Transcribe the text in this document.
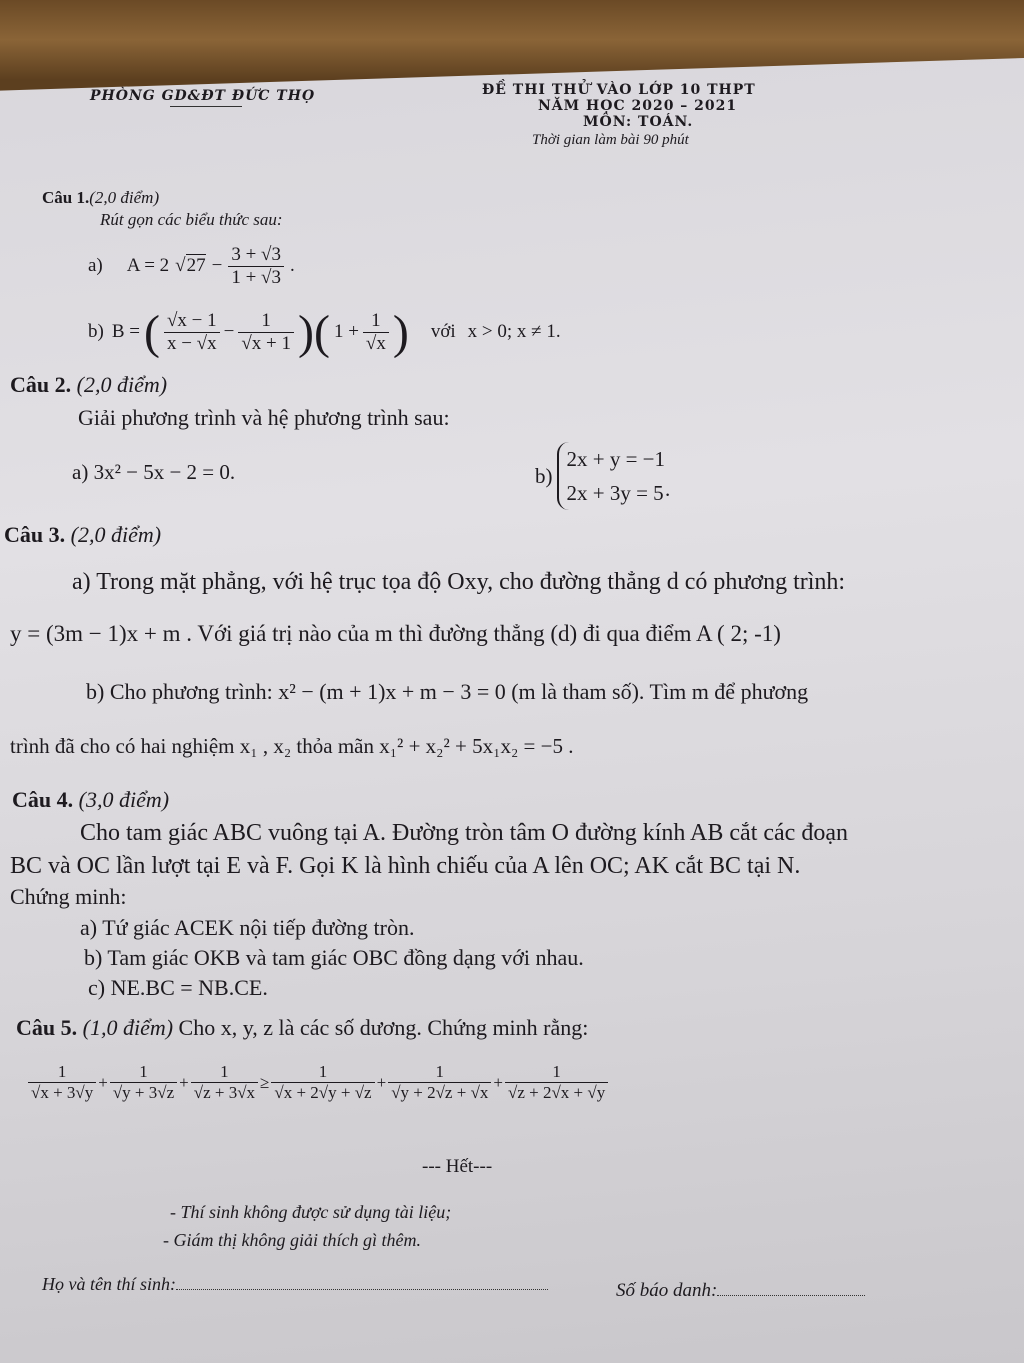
PHÒNG GD&ĐT ĐỨC THỌ	ĐỀ THI THỬ VÀO LỚP 10 THPT
NĂM HỌC 2020 – 2021
MÔN: TOÁN.
Thời gian làm bài 90 phút
Câu 1.(2,0 điểm)
Rút gọn các biểu thức sau:
a) A = 2 $√27 - \frac{3 + √3}{1 + √3}$ .
b) B = ( $\frac{√x - 1}{x - √x} - \frac{1}{√x + 1}$ )( $1 + \frac{1}{√x}$ ) với x > 0; x ≠ 1.
Câu 2. (2,0 điểm)
Giải phương trình và hệ phương trình sau:
a) 3x² − 5x − 2 = 0.	b)
2x + y = −1
2x + 3y = 5 .
Câu 3. (2,0 điểm)
a) Trong mặt phẳng, với hệ trục tọa độ Oxy, cho đường thẳng d có phương trình:
y = (3m − 1)x + m . Với giá trị nào của m thì đường thẳng (d) đi qua điểm A ( 2; -1)
b) Cho phương trình: x² − (m + 1)x + m − 3 = 0 (m là tham số). Tìm m để phương
trình đã cho có hai nghiệm x₁ , x₂ thỏa mãn x₁² + x₂² + 5x₁x₂ = −5 .
Câu 4. (3,0 điểm)
Cho tam giác ABC vuông tại A. Đường tròn tâm O đường kính AB cắt các đoạn
BC và OC lần lượt tại E và F. Gọi K là hình chiếu của A lên OC; AK cắt BC tại N.
Chứng minh:
a) Tứ giác ACEK nội tiếp đường tròn.
b) Tam giác OKB và tam giác OBC đồng dạng với nhau.
c) NE.BC = NB.CE.
Câu 5. (1,0 điểm) Cho x, y, z là các số dương. Chứng minh rằng:
$\frac{1}{√x + 3√y} + \frac{1}{√y + 3√z} + \frac{1}{√z + 3√x} \ge \frac{1}{√x + 2√y + √z} + \frac{1}{√y + 2√z + √x} + \frac{1}{√z + 2√x + √y}$
--- Hết---
- Thí sinh không được sử dụng tài liệu;
- Giám thị không giải thích gì thêm.
Họ và tên thí sinh:	Số báo danh:
